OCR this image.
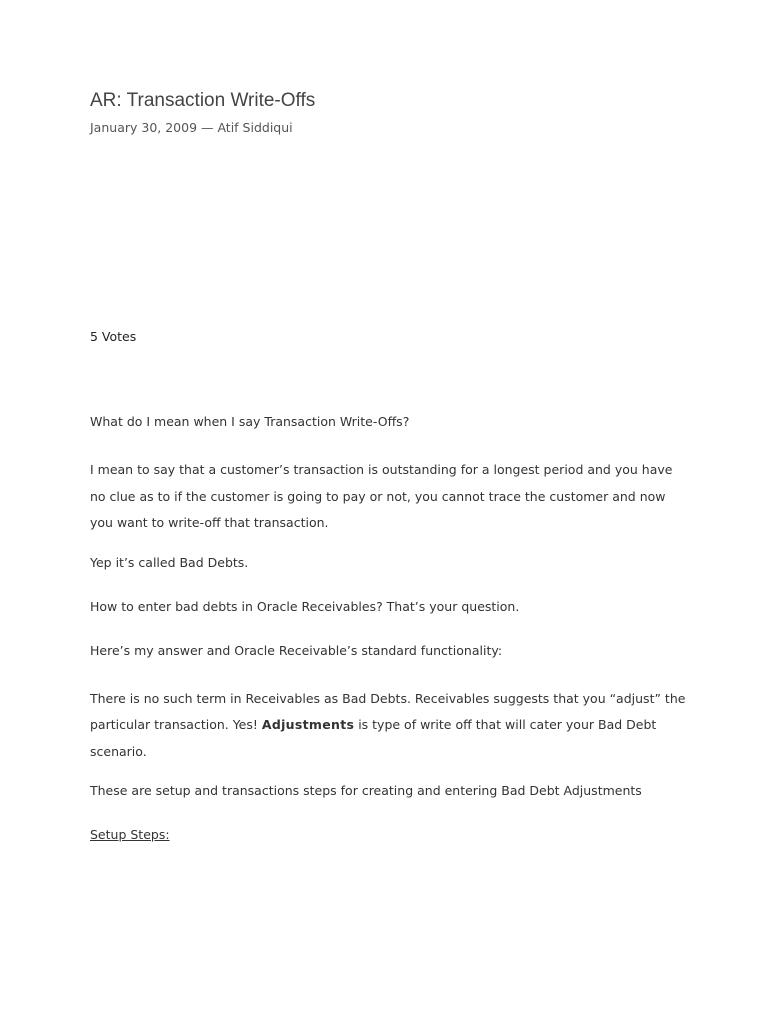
AR: Transaction Write-Offs
January 30, 2009 — Atif Siddiqui
5 Votes

What do I mean when I say Transaction Write-Offs?

I mean to say that a customer’s transaction is outstanding for a longest period and you have no clue as to if the customer is going to pay or not, you cannot trace the customer and now you want to write-off that transaction.

Yep it’s called Bad Debts.

How to enter bad debts in Oracle Receivables? That’s your question.

Here’s my answer and Oracle Receivable’s standard functionality:

There is no such term in Receivables as Bad Debts. Receivables suggests that you “adjust” the particular transaction. Yes! Adjustments is type of write off that will cater your Bad Debt scenario.

These are setup and transactions steps for creating and entering Bad Debt Adjustments

Setup Steps:
